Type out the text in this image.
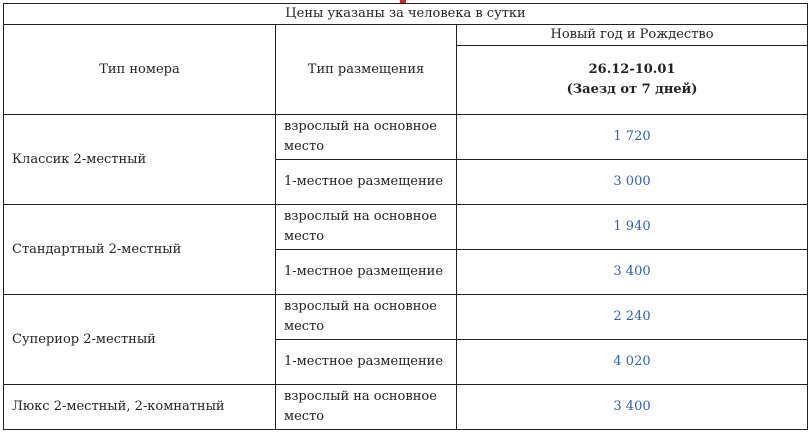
Цены указаны за человека в сутки		
Тип номера	Тип размещения	Новый год и Рождество

		26.12-10.01
(Заезд от 7 дней)

Классик 2-местный	взрослый на основное место	1 720
	1-местное размещение	3 000
Стандартный 2-местный	взрослый на основное место	1 940
	1-местное размещение	3 400
Супериор 2-местный	взрослый на основное место	2 240
	1-местное размещение	4 020
Люкс 2-местный, 2-комнатный	взрослый на основное место	3 400
